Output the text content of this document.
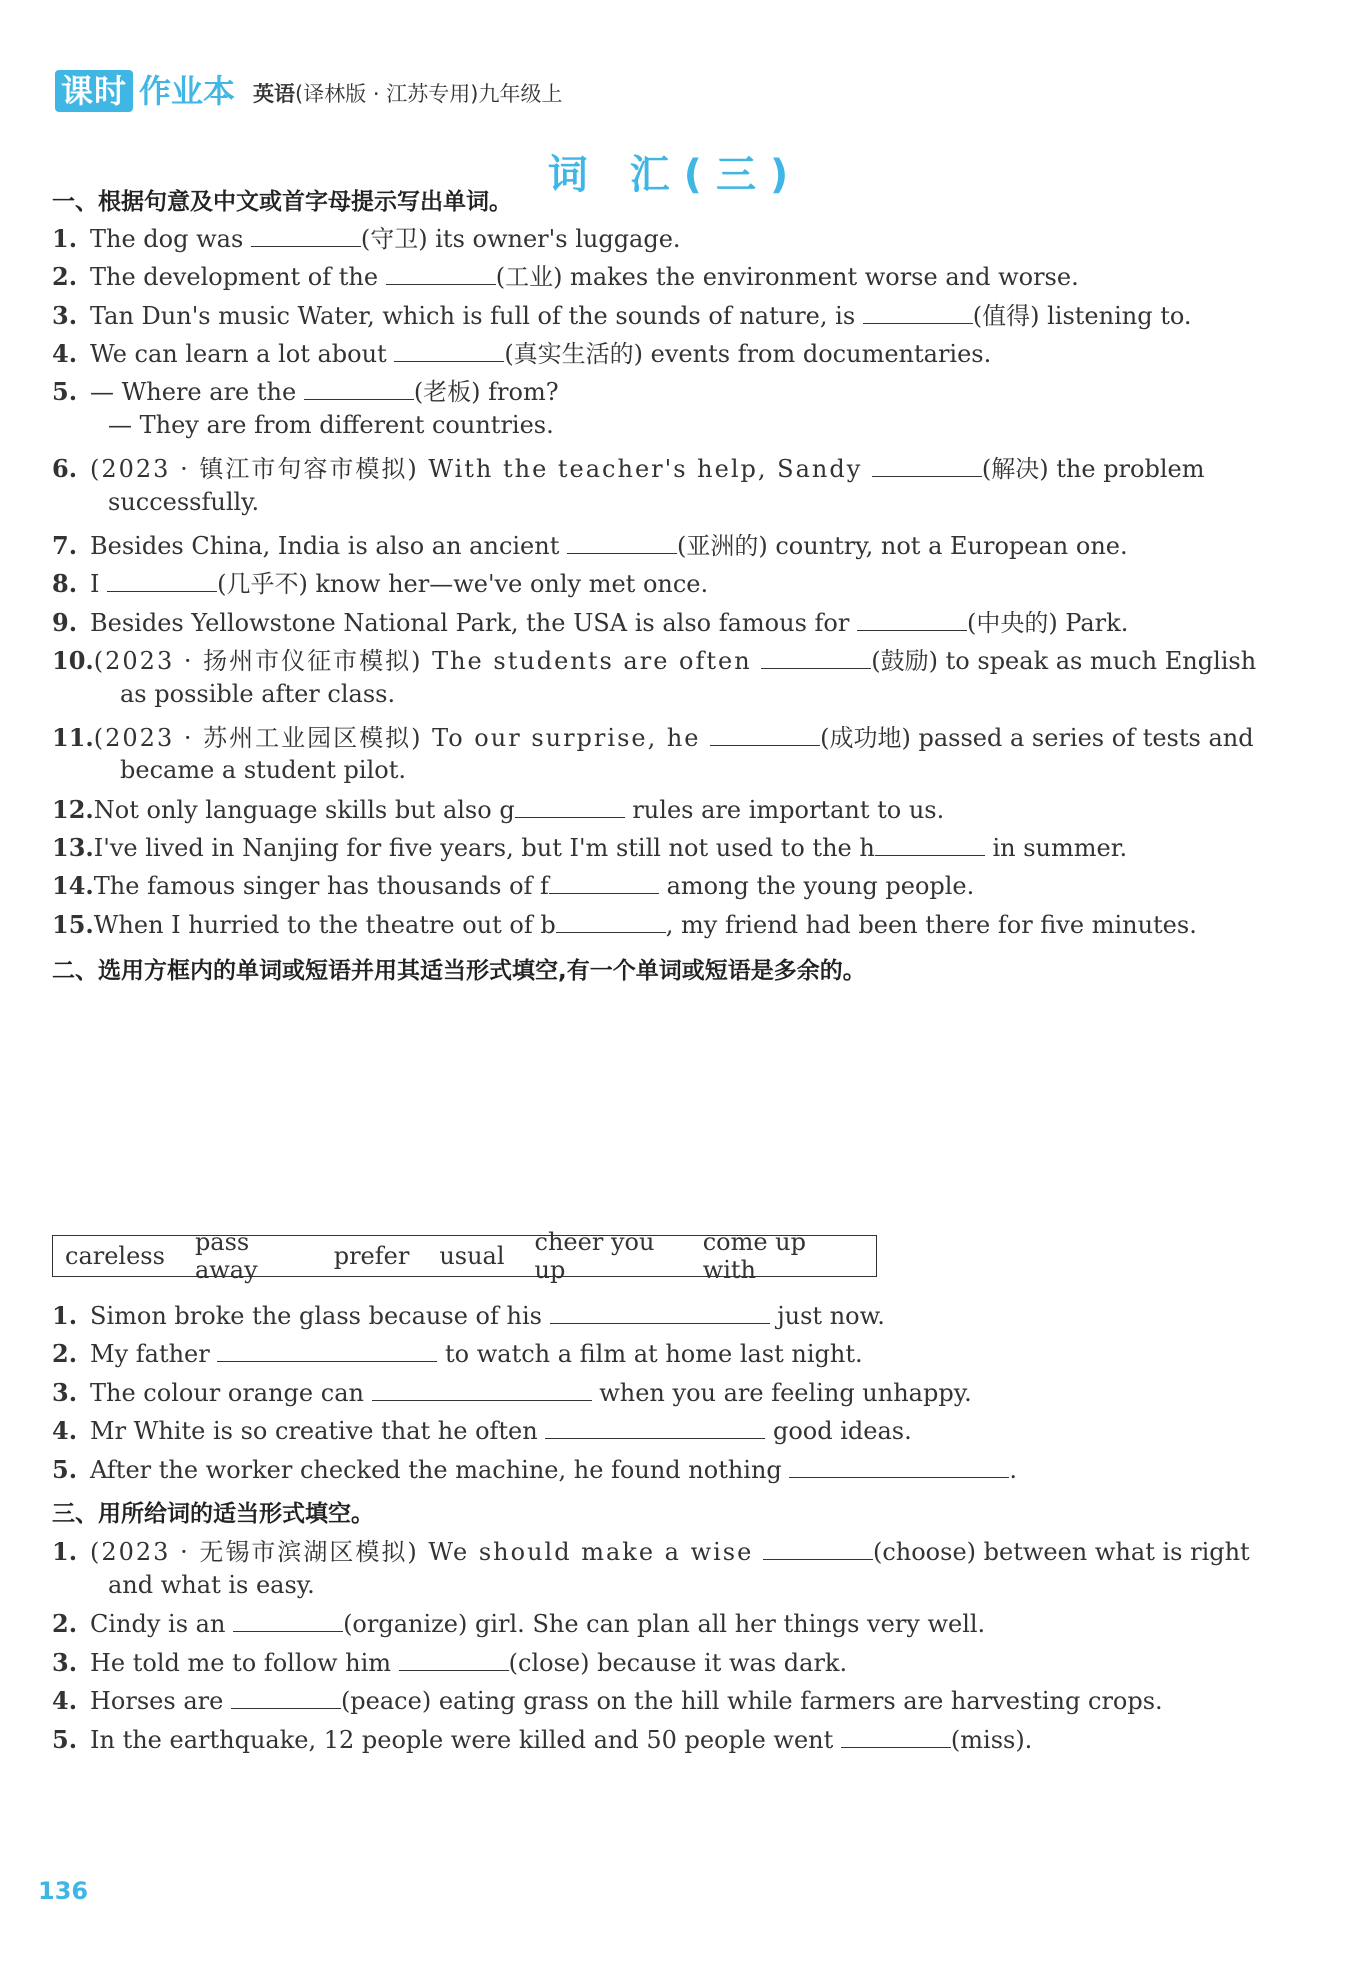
课时 作业本 英语(译林版 · 江苏专用)九年级上
词 汇(三)
一、根据句意及中文或首字母提示写出单词。
1. The dog was	(守卫) its owner's luggage.
2. The development of the	(工业) makes the environment worse and worse.
3. Tan Dun's music Water, which is full of the sounds of nature, is	(值得) listening to.
4. We can learn a lot about	(真实生活的) events from documentaries.
5. — Where are the	(老板) from?
— They are from different countries.
6. (2023 · 镇江市句容市模拟) With the teacher's help, Sandy	(解决) the problem
successfully.
7. Besides China, India is also an ancient	(亚洲的) country, not a European one.
8. I	(几乎不) know her—we've only met once.
9. Besides Yellowstone National Park, the USA is also famous for	(中央的) Park.
10.(2023 · 扬州市仪征市模拟) The students are often	(鼓励) to speak as much English
as possible after class.
11.(2023 · 苏州工业园区模拟) To our surprise, he	(成功地) passed a series of tests and
became a student pilot.
12.Not only language skills but also g	rules are important to us.
13.I've lived in Nanjing for five years, but I'm still not used to the h	in summer.
14.The famous singer has thousands of f	among the young people.
15.When I hurried to the theatre out of b	, my friend had been there for five minutes.
二、选用方框内的单词或短语并用其适当形式填空,有一个单词或短语是多余的。
careless pass away	prefer usual cheer you up
come up with
1. Simon broke the glass because of his	just now.
2. My father	to watch a film at home last night.
3. The colour orange can	when you are feeling unhappy.
4. Mr White is so creative that he often	good ideas.
5. After the worker checked the machine, he found nothing	.
三、用所给词的适当形式填空。
1. (2023 · 无锡市滨湖区模拟) We should make a wise	(choose) between what is right
and what is easy.
2. Cindy is an	(organize) girl. She can plan all her things very well.
3. He told me to follow him	(close) because it was dark.
4. Horses are	(peace) eating grass on the hill while farmers are harvesting crops.
5. In the earthquake, 12 people were killed and 50 people went	(miss).
136
